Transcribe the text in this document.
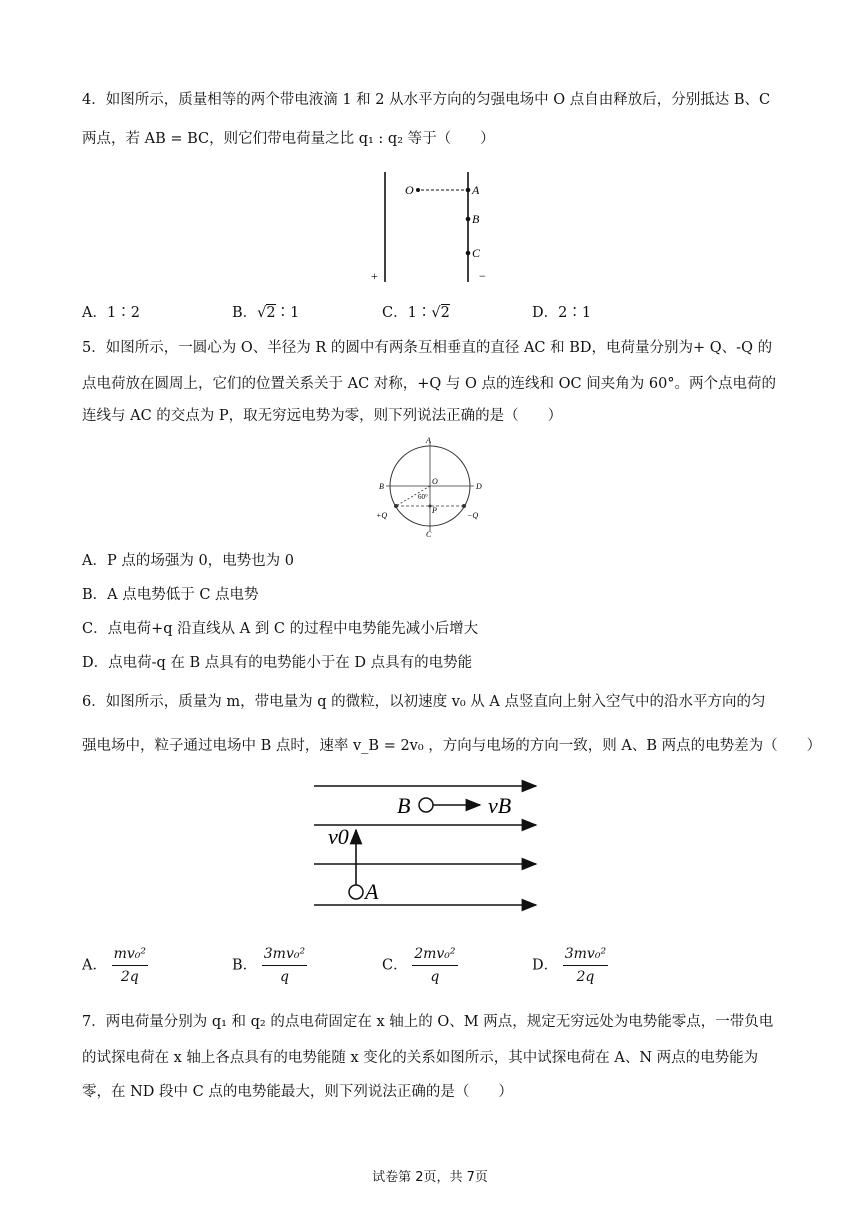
4．如图所示，质量相等的两个带电液滴 1 和 2 从水平方向的匀强电场中 O 点自由释放后，分别抵达 B、C
两点，若 AB = BC，则它们带电荷量之比 q₁ : q₂ 等于（　　）
O	A
B
C
+	−
A．1∶2	B．√2∶1	C．1∶√2	D．2∶1
5．如图所示，一圆心为 O、半径为 R 的圆中有两条互相垂直的直径 AC 和 BD，电荷量分别为+ Q、-Q 的
点电荷放在圆周上，它们的位置关系关于 AC 对称，+Q 与 O 点的连线和 OC 间夹角为 60°。两个点电荷的
连线与 AC 的交点为 P，取无穷远电势为零，则下列说法正确的是（　　）
A
B	D
O
60°
P
C
+Q	−Q
A．P 点的场强为 0，电势也为 0
B．A 点电势低于 C 点电势
C．点电荷+q 沿直线从 A 到 C 的过程中电势能先减小后增大
D．点电荷-q 在 B 点具有的电势能小于在 D 点具有的电势能
6．如图所示，质量为 m，带电量为 q 的微粒，以初速度 v₀ 从 A 点竖直向上射入空气中的沿水平方向的匀
强电场中，粒子通过电场中 B 点时，速率 v_B = 2v₀ ，方向与电场的方向一致，则 A、B 两点的电势差为（　　）
B	vB
v0
A
A． $\frac{\text{mv₀²}}{2q}$	B． $\frac{\text{3mv₀²}}{q}$	C． $\frac{\text{2mv₀²}}{q}$	D． $\frac{\text{3mv₀²}}{2q}$
7．两电荷量分别为 q₁ 和 q₂ 的点电荷固定在 x 轴上的 O、M 两点，规定无穷远处为电势能零点，一带负电
的试探电荷在 x 轴上各点具有的电势能随 x 变化的关系如图所示，其中试探电荷在 A、N 两点的电势能为
零，在 ND 段中 C 点的电势能最大，则下列说法正确的是（　　）
试卷第 2页，共 7页
